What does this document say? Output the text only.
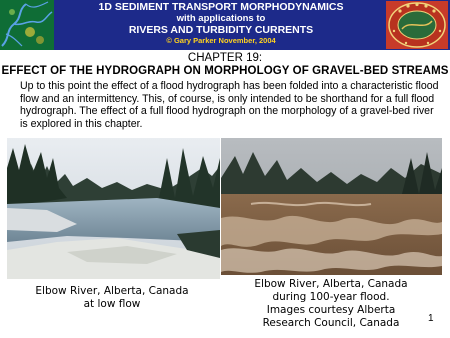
1D SEDIMENT TRANSPORT MORPHODYNAMICS
with applications to
RIVERS AND TURBIDITY CURRENTS
© Gary Parker November, 2004
CHAPTER 19:
EFFECT OF THE HYDROGRAPH ON MORPHOLOGY OF GRAVEL-BED STREAMS
Up to this point the effect of a flood hydrograph has been folded into a characteristic flood flow and an intermittency. This, of course, is only intended to be shorthand for a full flood hydrograph. The effect of a full flood hydrograph on the morphology of a gravel-bed river is explored in this chapter.
Elbow River, Alberta, Canada
at low flow
Elbow River, Alberta, Canada
during 100-year flood.
Images courtesy Alberta
Research Council, Canada	1
